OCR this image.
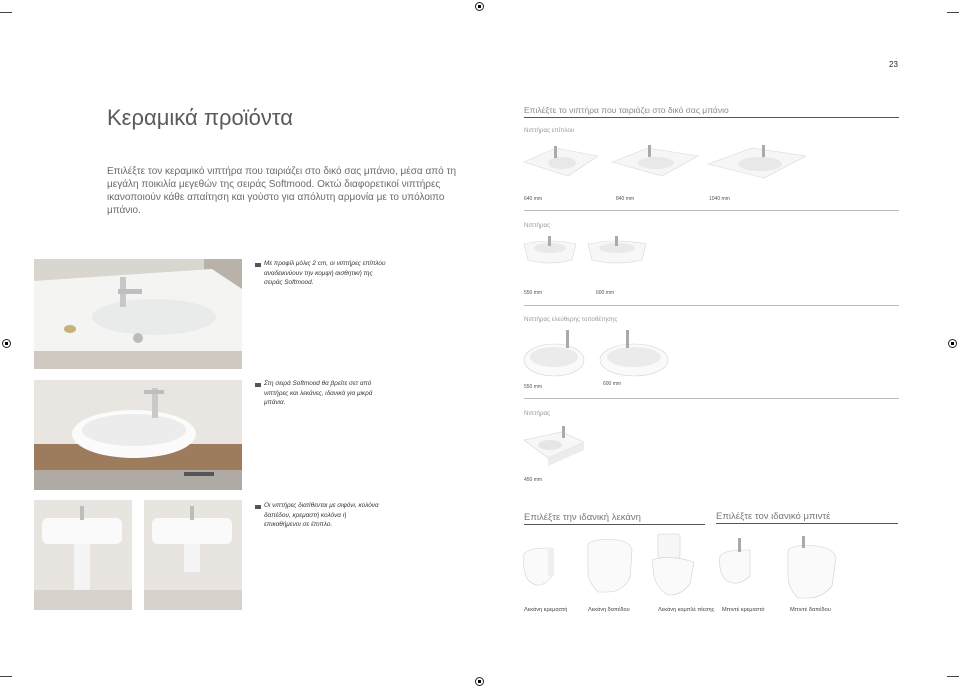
23
Κεραμικά προϊόντα
Επιλέξτε τον κεραμικό νιπτήρα που ταιριάζει στο δικό σας μπάνιο, μέσα από τη μεγάλη ποικιλία μεγεθών της σειράς Softmood. Οκτώ διαφορετικοί νιπτήρες ικανοποιούν κάθε απαίτηση και γούστο για απόλυτη αρμονία με το υπόλοιπο μπάνιο.
Με προφίλ μόλις 2 cm, οι νιπτήρες επίπλου αναδεικνύουν την κομψή αισθητική της σειράς Softmood.
Στη σειρά Softmood θα βρείτε σετ από νιπτήρες και λεκάνες, ιδανικά για μικρά μπάνια.
Οι νιπτήρες διατίθενται με σιφόνι, κολόνα δαπέδου, κρεμαστή κολόνα ή επικαθήμενοι σε έπιπλο.
Επιλέξτε το νιπτήρα που ταιριάζει στο δικό σας μπάνιο
Νιπτήρας επίπλου
640 mm	840 mm	1040 mm
Νιπτήρας
550 mm	600 mm
Νιπτήρας ελεύθερης τοποθέτησης
550 mm	600 mm
Νιπτήρας
450 mm
Επιλέξτε την ιδανική λεκάνη	Επιλέξτε τον ιδανικό μπιντέ
Λεκάνη κρεμαστή	Λεκάνη δαπέδου	Λεκάνη κομπλέ πίεσης Μπιντέ κρεμαστό	Μπιντέ δαπέδου
